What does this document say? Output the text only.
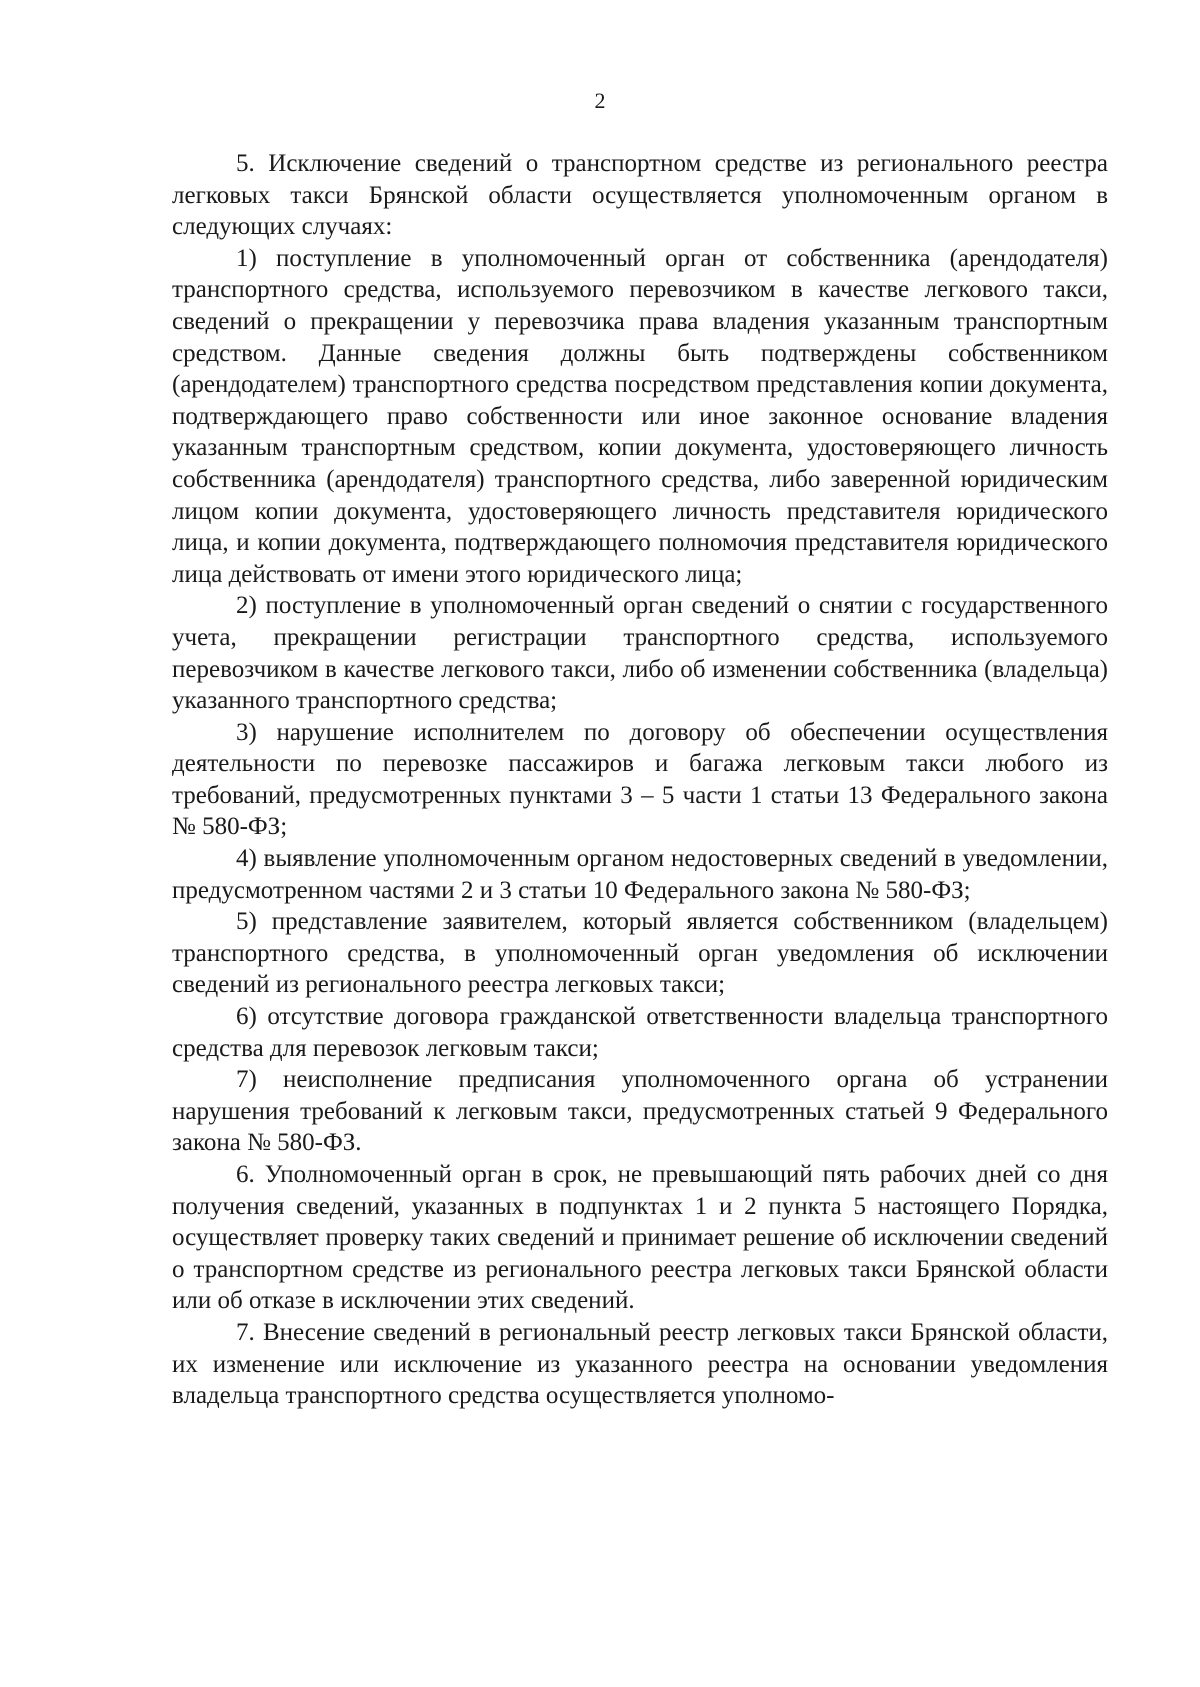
2

5. Исключение сведений о транспортном средстве из регионального реестра легковых такси Брянской области осуществляется уполномоченным органом в следующих случаях:

1) поступление в уполномоченный орган от собственника (арендодателя) транспортного средства, используемого перевозчиком в качестве легкового такси, сведений о прекращении у перевозчика права владения указанным транспортным средством. Данные сведения должны быть подтверждены собственником (арендодателем) транспортного средства посредством представления копии документа, подтверждающего право собственности или иное законное основание владения указанным транспортным средством, копии документа, удостоверяющего личность собственника (арендодателя) транспортного средства, либо заверенной юридическим лицом копии документа, удостоверяющего личность представителя юридического лица, и копии документа, подтверждающего полномочия представителя юридического лица действовать от имени этого юридического лица;

2) поступление в уполномоченный орган сведений о снятии с государственного учета, прекращении регистрации транспортного средства, используемого перевозчиком в качестве легкового такси, либо об изменении собственника (владельца) указанного транспортного средства;

3) нарушение исполнителем по договору об обеспечении осуществления деятельности по перевозке пассажиров и багажа легковым такси любого из требований, предусмотренных пунктами 3 – 5 части 1 статьи 13 Федерального закона № 580-ФЗ;

4) выявление уполномоченным органом недостоверных сведений в уведомлении, предусмотренном частями 2 и 3 статьи 10 Федерального закона № 580-ФЗ;

5) представление заявителем, который является собственником (владельцем) транспортного средства, в уполномоченный орган уведомления об исключении сведений из регионального реестра легковых такси;

6) отсутствие договора гражданской ответственности владельца транспортного средства для перевозок легковым такси;

7) неисполнение предписания уполномоченного органа об устранении нарушения требований к легковым такси, предусмотренных статьей 9 Федерального закона № 580-ФЗ.

6. Уполномоченный орган в срок, не превышающий пять рабочих дней со дня получения сведений, указанных в подпунктах 1 и 2 пункта 5 настоящего Порядка, осуществляет проверку таких сведений и принимает решение об исключении сведений о транспортном средстве из регионального реестра легковых такси Брянской области или об отказе в исключении этих сведений.

7. Внесение сведений в региональный реестр легковых такси Брянской области, их изменение или исключение из указанного реестра на основании уведомления владельца транспортного средства осуществляется уполномо-
